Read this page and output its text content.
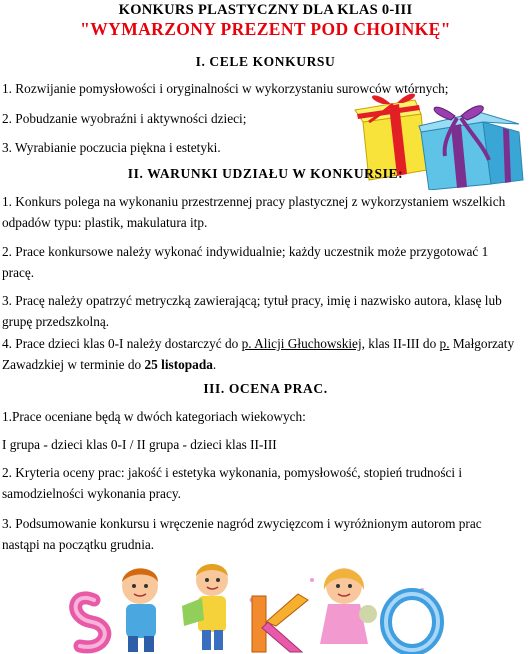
KONKURS PLASTYCZNY DLA KLAS 0-III
"WYMARZONY PREZENT POD CHOINKĘ"
I. CELE KONKURSU
1. Rozwijanie pomysłowości i oryginalności w wykorzystaniu surowców wtórnych;
2. Pobudzanie wyobraźni i aktywności dzieci;
3. Wyrabianie poczucia piękna i estetyki.
II. WARUNKI UDZIAŁU W KONKURSIE:
1. Konkurs polega na wykonaniu przestrzennej pracy plastycznej z wykorzystaniem wszelkich odpadów typu: plastik, makulatura itp.
2. Prace konkursowe należy wykonać indywidualnie; każdy uczestnik może przygotować 1 pracę.
3. Pracę należy opatrzyć metryczką zawierającą; tytuł pracy, imię i nazwisko autora, klasę lub grupę przedszkolną.
4. Prace dzieci klas 0-I należy dostarczyć do p. Alicji Głuchowskiej, klas II-III do p. Małgorzaty Zawadzkiej w terminie do 25 listopada.
III. OCENA PRAC.
1.Prace oceniane będą w dwóch kategoriach wiekowych:
I grupa - dzieci klas 0-I / II grupa - dzieci klas II-III
2. Kryteria oceny prac: jakość i estetyka wykonania, pomysłowość, stopień trudności i samodzielności wykonania pracy.
3. Podsumowanie konkursu i wręczenie nagród zwycięzcom i wyróżnionym autorom prac nastąpi na początku grudnia.
